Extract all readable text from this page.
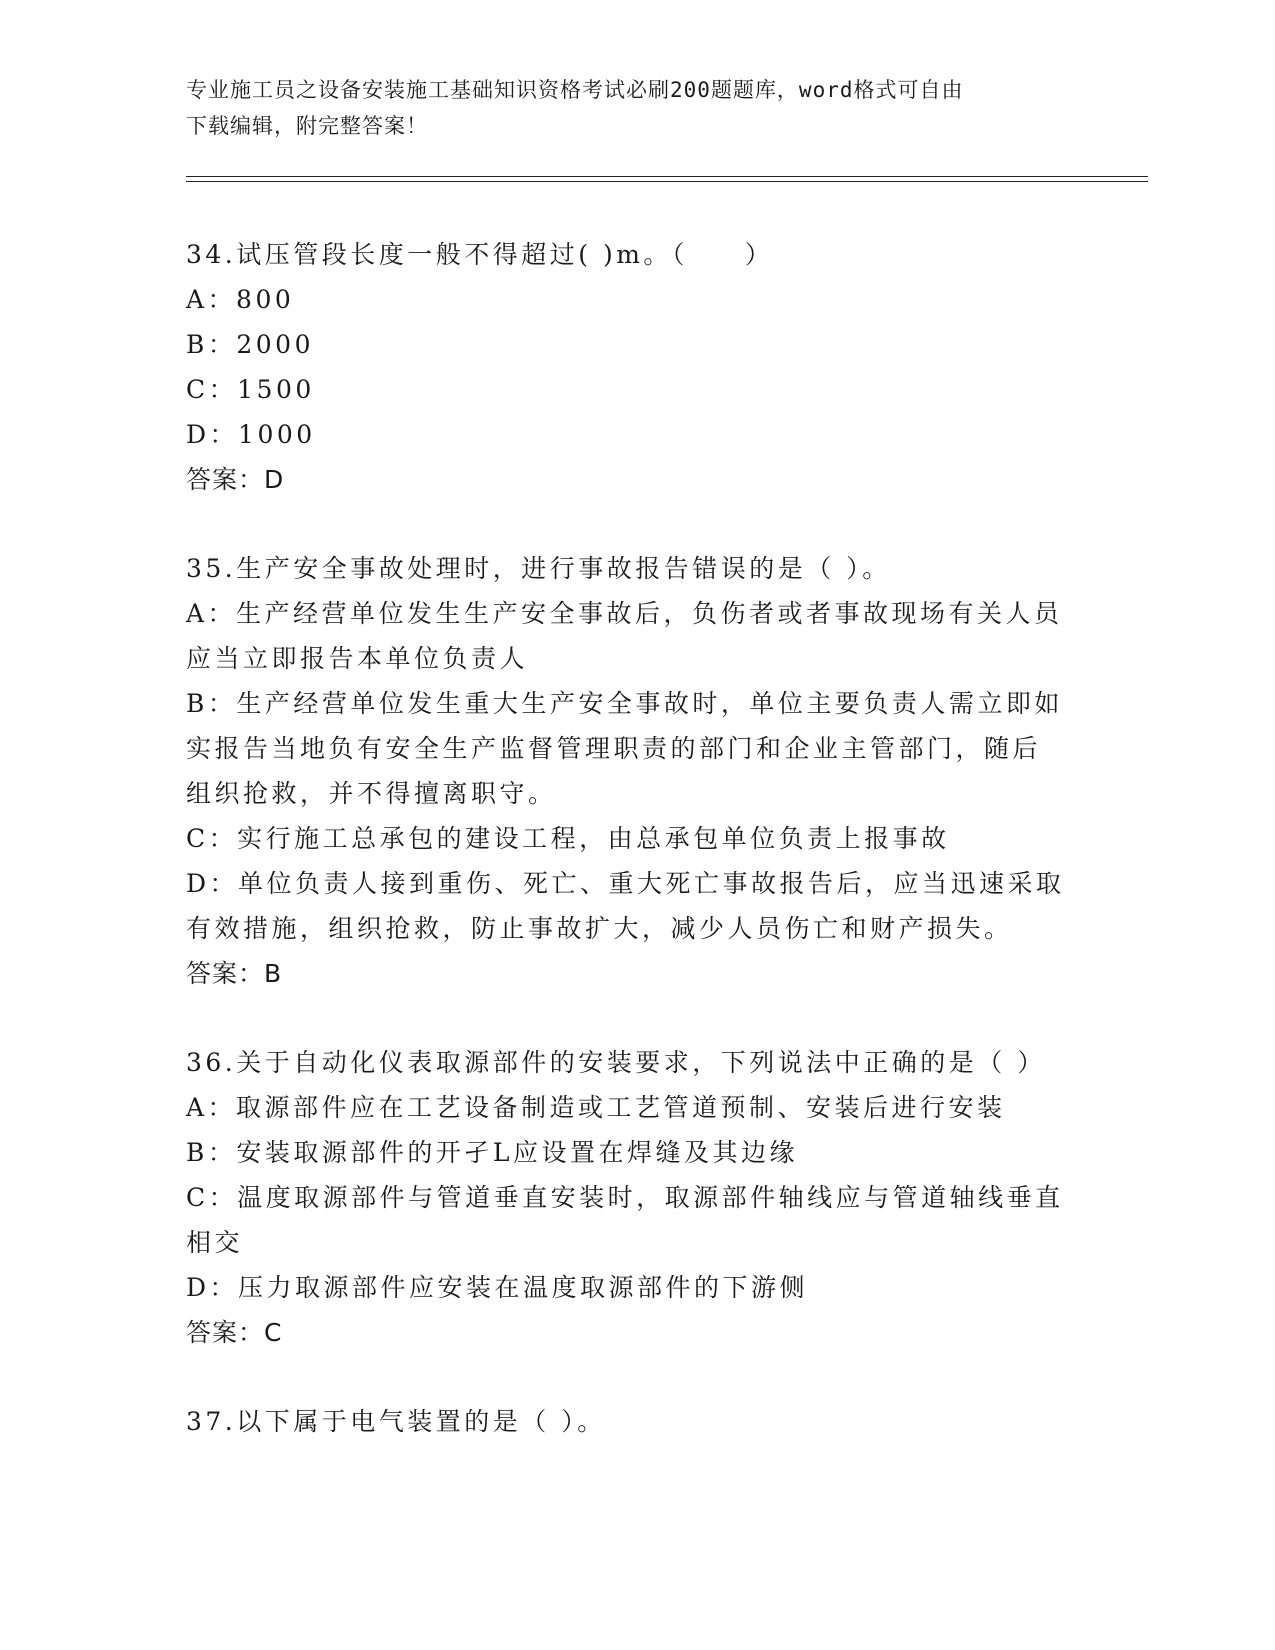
专业施工员之设备安装施工基础知识资格考试必刷200题题库，word格式可自由
下载编辑，附完整答案！

34.试压管段长度一般不得超过( )m。（　　）

A：800

B：2000

C：1500

D：1000

答案：D

35.生产安全事故处理时，进行事故报告错误的是（ ）。

A：生产经营单位发生生产安全事故后，负伤者或者事故现场有关人员应当立即报告本单位负责人

B：生产经营单位发生重大生产安全事故时，单位主要负责人需立即如实报告当地负有安全生产监督管理职责的部门和企业主管部门，随后组织抢救，并不得擅离职守。

C：实行施工总承包的建设工程，由总承包单位负责上报事故

D：单位负责人接到重伤、死亡、重大死亡事故报告后，应当迅速采取有效措施，组织抢救，防止事故扩大，减少人员伤亡和财产损失。

答案：B

36.关于自动化仪表取源部件的安装要求，下列说法中正确的是（ ）

A：取源部件应在工艺设备制造或工艺管道预制、安装后进行安装

B：安装取源部件的开孑L应设置在焊缝及其边缘

C：温度取源部件与管道垂直安装时，取源部件轴线应与管道轴线垂直相交

D：压力取源部件应安装在温度取源部件的下游侧

答案：C

37.以下属于电气装置的是（ ）。
